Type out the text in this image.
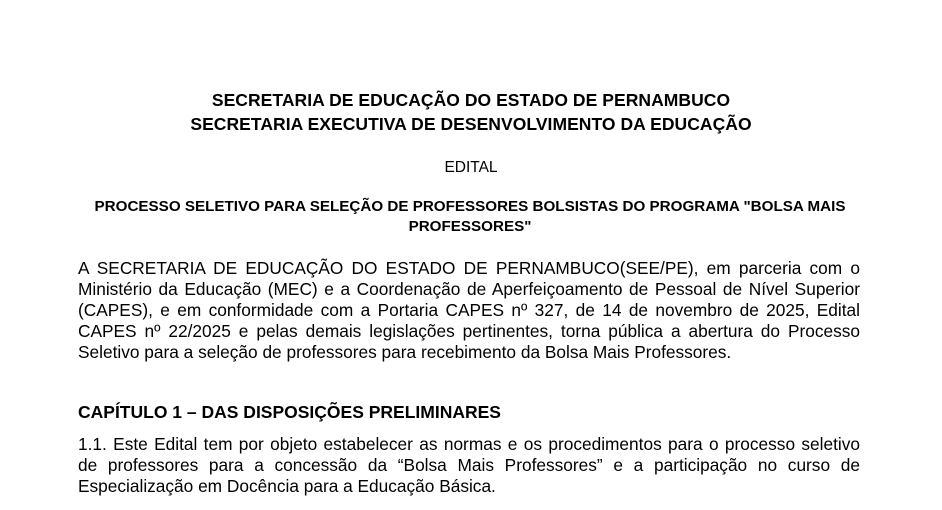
SECRETARIA DE EDUCAÇÃO DO ESTADO DE PERNAMBUCO
SECRETARIA EXECUTIVA DE DESENVOLVIMENTO DA EDUCAÇÃO
EDITAL
PROCESSO SELETIVO PARA SELEÇÃO DE PROFESSORES BOLSISTAS DO PROGRAMA "BOLSA MAIS PROFESSORES"
A SECRETARIA DE EDUCAÇÃO DO ESTADO DE PERNAMBUCO(SEE/PE), em parceria com o Ministério da Educação (MEC) e a Coordenação de Aperfeiçoamento de Pessoal de Nível Superior (CAPES), e em conformidade com a Portaria CAPES nº 327, de 14 de novembro de 2025, Edital CAPES nº 22/2025 e pelas demais legislações pertinentes, torna pública a abertura do Processo Seletivo para a seleção de professores para recebimento da Bolsa Mais Professores.
CAPÍTULO 1 – DAS DISPOSIÇÕES PRELIMINARES
1.1. Este Edital tem por objeto estabelecer as normas e os procedimentos para o processo seletivo de professores para a concessão da “Bolsa Mais Professores” e a participação no curso de Especialização em Docência para a Educação Básica.
